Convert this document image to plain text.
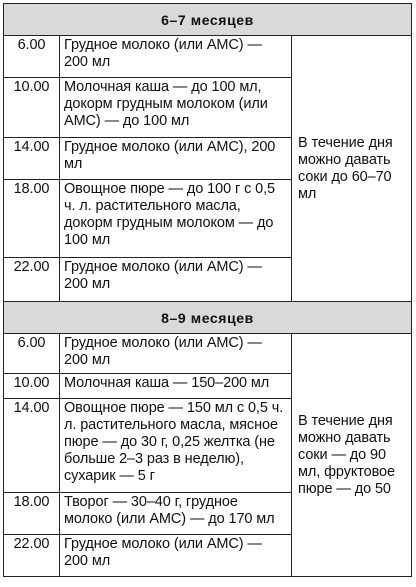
6–7 месяцев		
6.00	Грудное молоко (или АМС) — 200 мл	В течение дня можно давать соки до 60–70 мл
10.00	Молочная каша — до 100 мл, докорм грудным молоком (или АМС) — до 100 мл	
14.00	Грудное молоко (или АМС), 200 мл	
18.00	Овощное пюре — до 100 г с 0,5 ч. л. растительного масла, докорм грудным молоком — до 100 мл	
22.00	Грудное молоко (или АМС) — 200 мл	
8–9 месяцев		
6.00	Грудное молоко (или АМС) — 200 мл	В течение дня можно давать соки — до 90 мл, фруктовое пюре — до 50
10.00	Молочная каша — 150–200 мл	
14.00	Овощное пюре — 150 мл с 0,5 ч. л. растительного масла, мясное пюре — до 30 г, 0,25 желтка (не больше 2–3 раз в неделю), сухарик — 5 г	
18.00	Творог — 30–40 г, грудное молоко (или АМС) — до 170 мл	
22.00	Грудное молоко (или АМС) — 200 мл	
